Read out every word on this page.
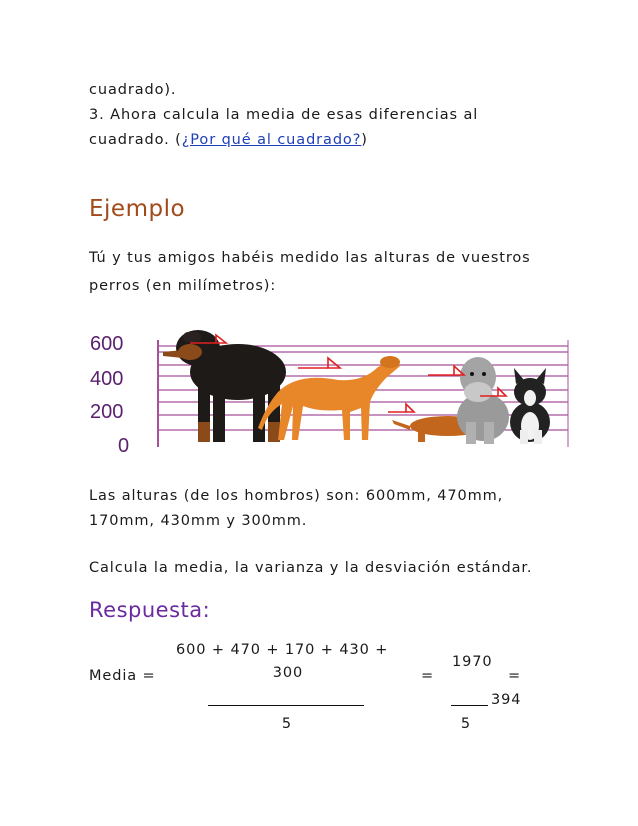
cuadrado).
3. Ahora calcula la media de esas diferencias al
cuadrado. (¿Por qué al cuadrado?)
Ejemplo
Tú y tus amigos habéis medido las alturas de vuestros
perros (en milímetros):
600
400
200
0
Las alturas (de los hombros) son: 600mm, 470mm,
170mm, 430mm y 300mm.
Calcula la media, la varianza y la desviación estándar.
Respuesta:
600 + 470 + 170 + 430 +
300
Media =
5
=
1970
5
=
394
